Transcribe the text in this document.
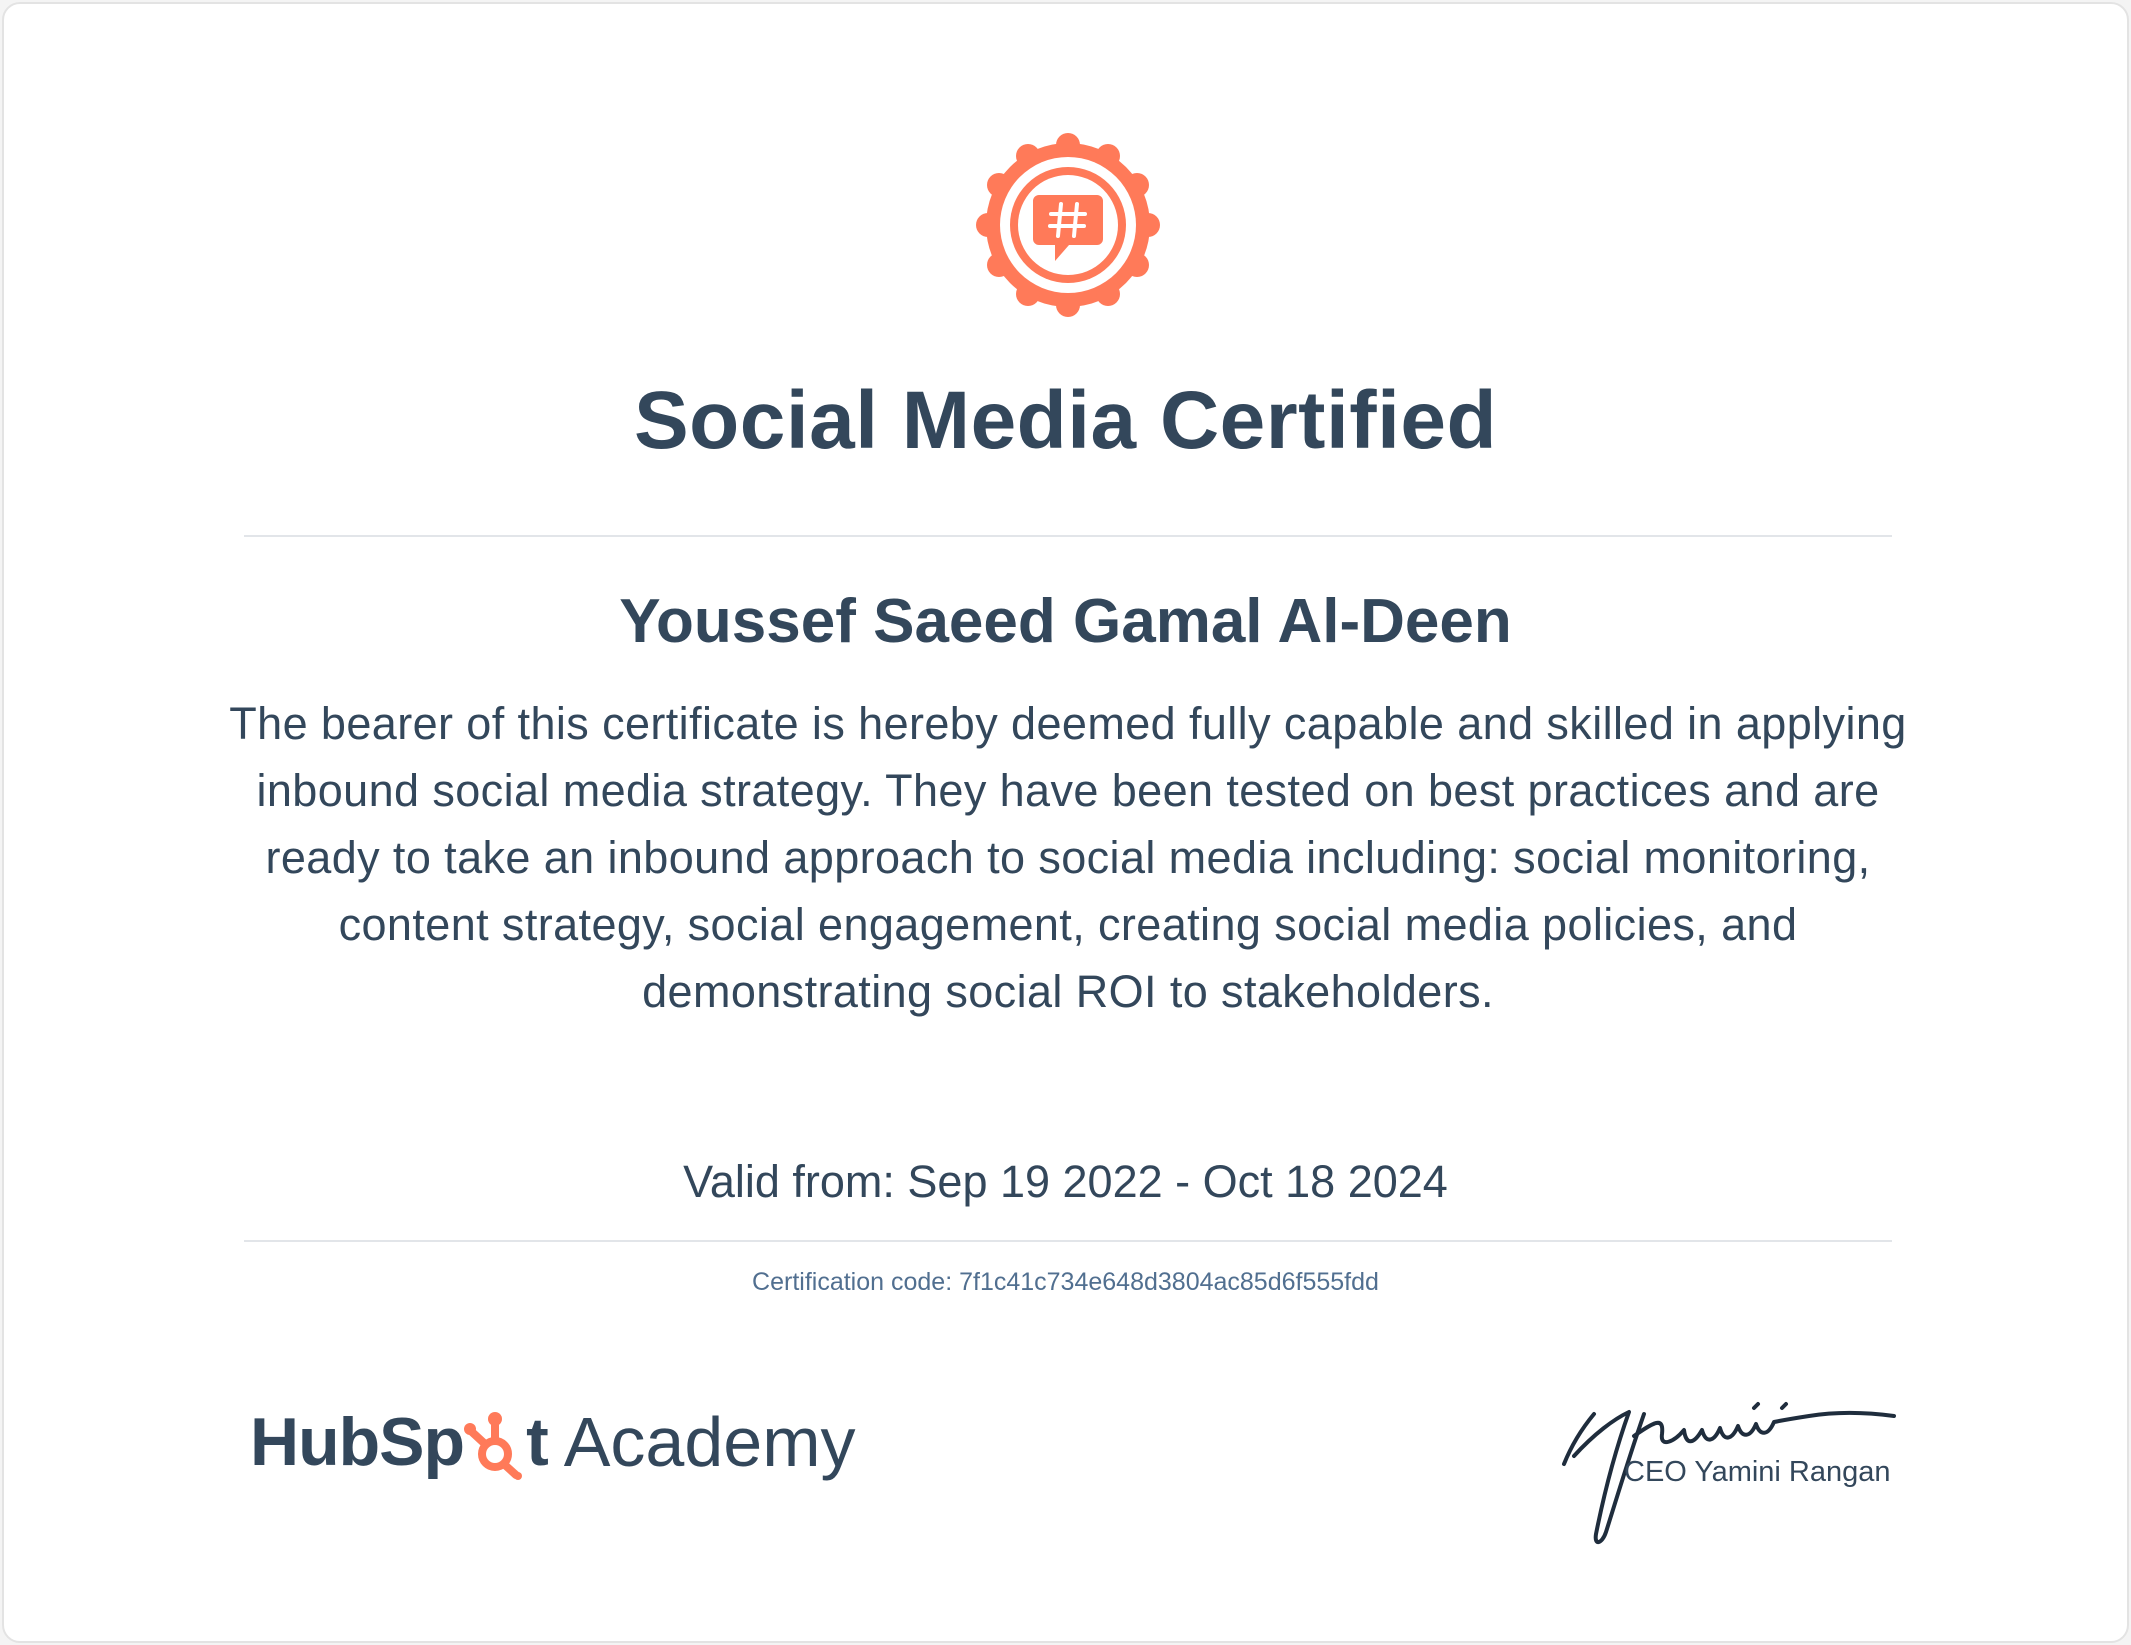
Social Media Certified
Youssef Saeed Gamal Al-Deen
The bearer of this certificate is hereby deemed fully capable and skilled in applying inbound social media strategy. They have been tested on best practices and are ready to take an inbound approach to social media including: social monitoring, content strategy, social engagement, creating social media policies, and demonstrating social ROI to stakeholders.
Valid from: Sep 19 2022 - Oct 18 2024
Certification code: 7f1c41c734e648d3804ac85d6f555fdd
HubSp t Academy	CEO Yamini Rangan
